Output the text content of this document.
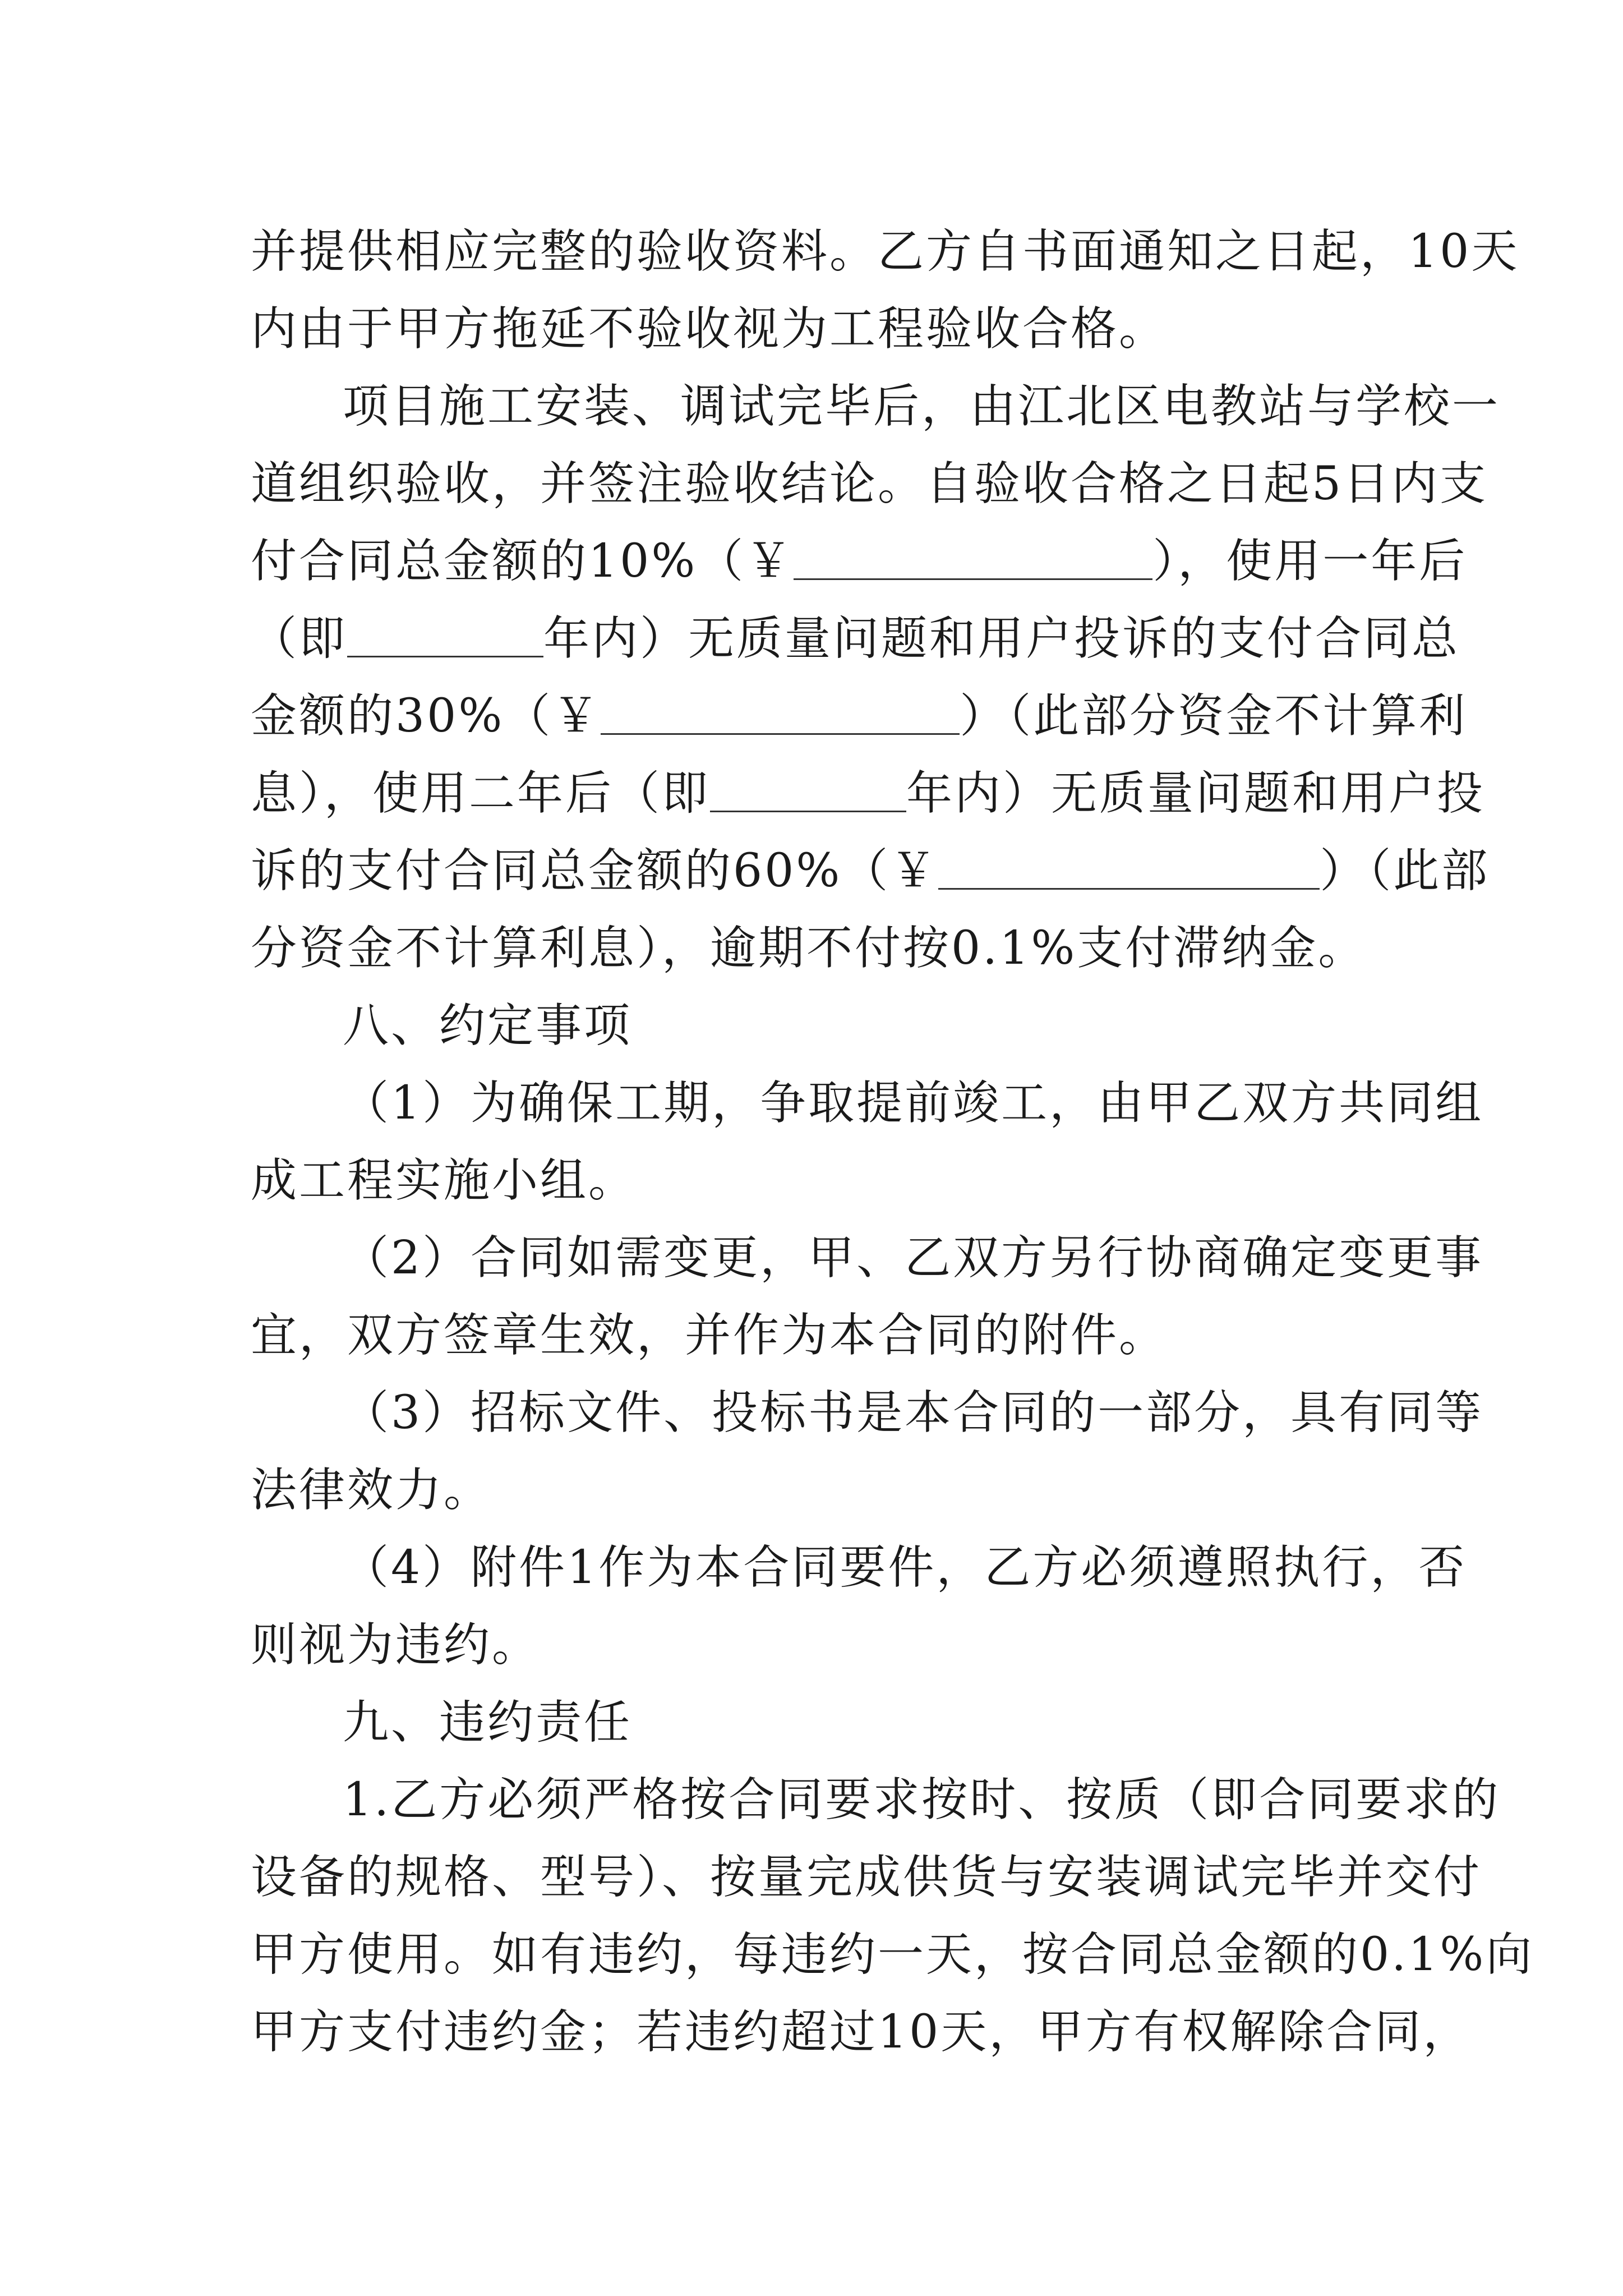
并提供相应完整的验收资料。乙方自书面通知之日起，10天

内由于甲方拖延不验收视为工程验收合格。

项目施工安装、调试完毕后，由江北区电教站与学校一

道组织验收，并签注验收结论。自验收合格之日起5日内支

付合同总金额的10%（￥	），使用一年后

（即	年内）无质量问题和用户投诉的支付合同总

金额的30%（￥	）（此部分资金不计算利

息），使用二年后（即	年内）无质量问题和用户投

诉的支付合同总金额的60%（￥	）（此部

分资金不计算利息），逾期不付按0.1%支付滞纳金。

八、约定事项

（1）为确保工期，争取提前竣工，由甲乙双方共同组

成工程实施小组。

（2）合同如需变更，甲、乙双方另行协商确定变更事

宜，双方签章生效，并作为本合同的附件。

（3）招标文件、投标书是本合同的一部分，具有同等

法律效力。

（4）附件1作为本合同要件，乙方必须遵照执行，否

则视为违约。

九、违约责任

1.乙方必须严格按合同要求按时、按质（即合同要求的

设备的规格、型号）、按量完成供货与安装调试完毕并交付

甲方使用。如有违约，每违约一天，按合同总金额的0.1%向

甲方支付违约金；若违约超过10天，甲方有权解除合同，
